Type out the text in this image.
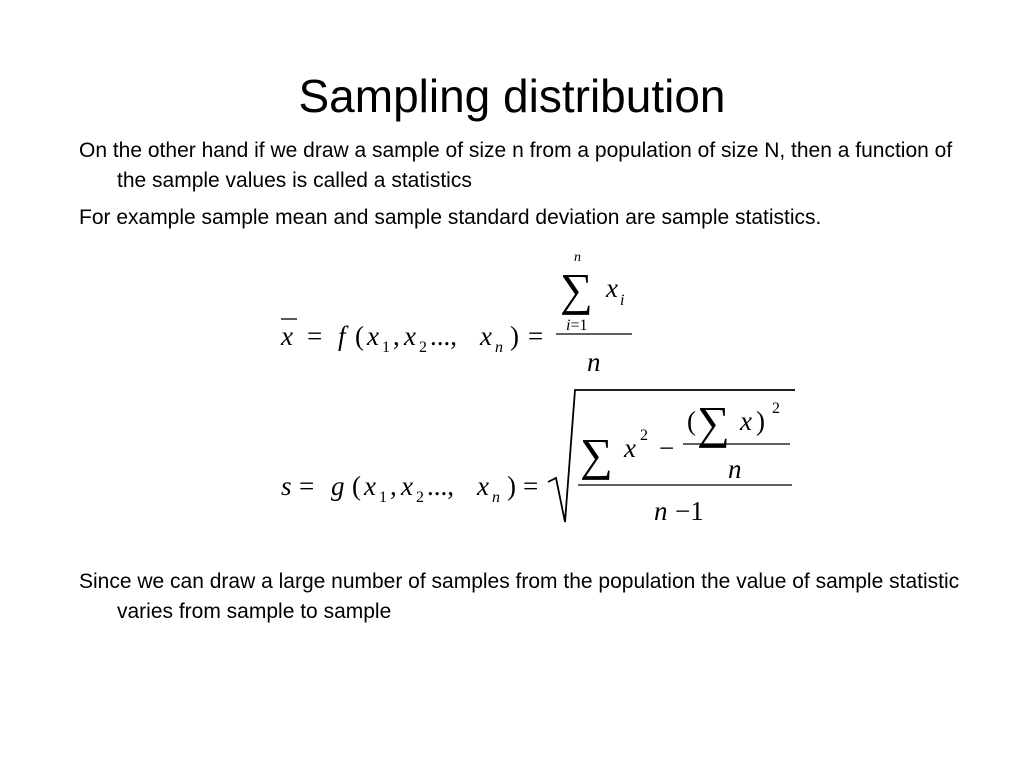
Sampling distribution
On the other hand if we draw a sample of size n from a population of size N, then a function of the sample values is called a statistics
For example sample mean and sample standard deviation are sample statistics.
Since we can draw a large number of samples from the population the value of sample statistic varies from sample to sample
x = f ( x 1 , x 2 ..., x n ) =
n
∑ x i
i=1
n
s = g ( x 1 , x 2 ..., x n ) =
∑ x 2 −
( ∑ x ) 2
n
n −1
